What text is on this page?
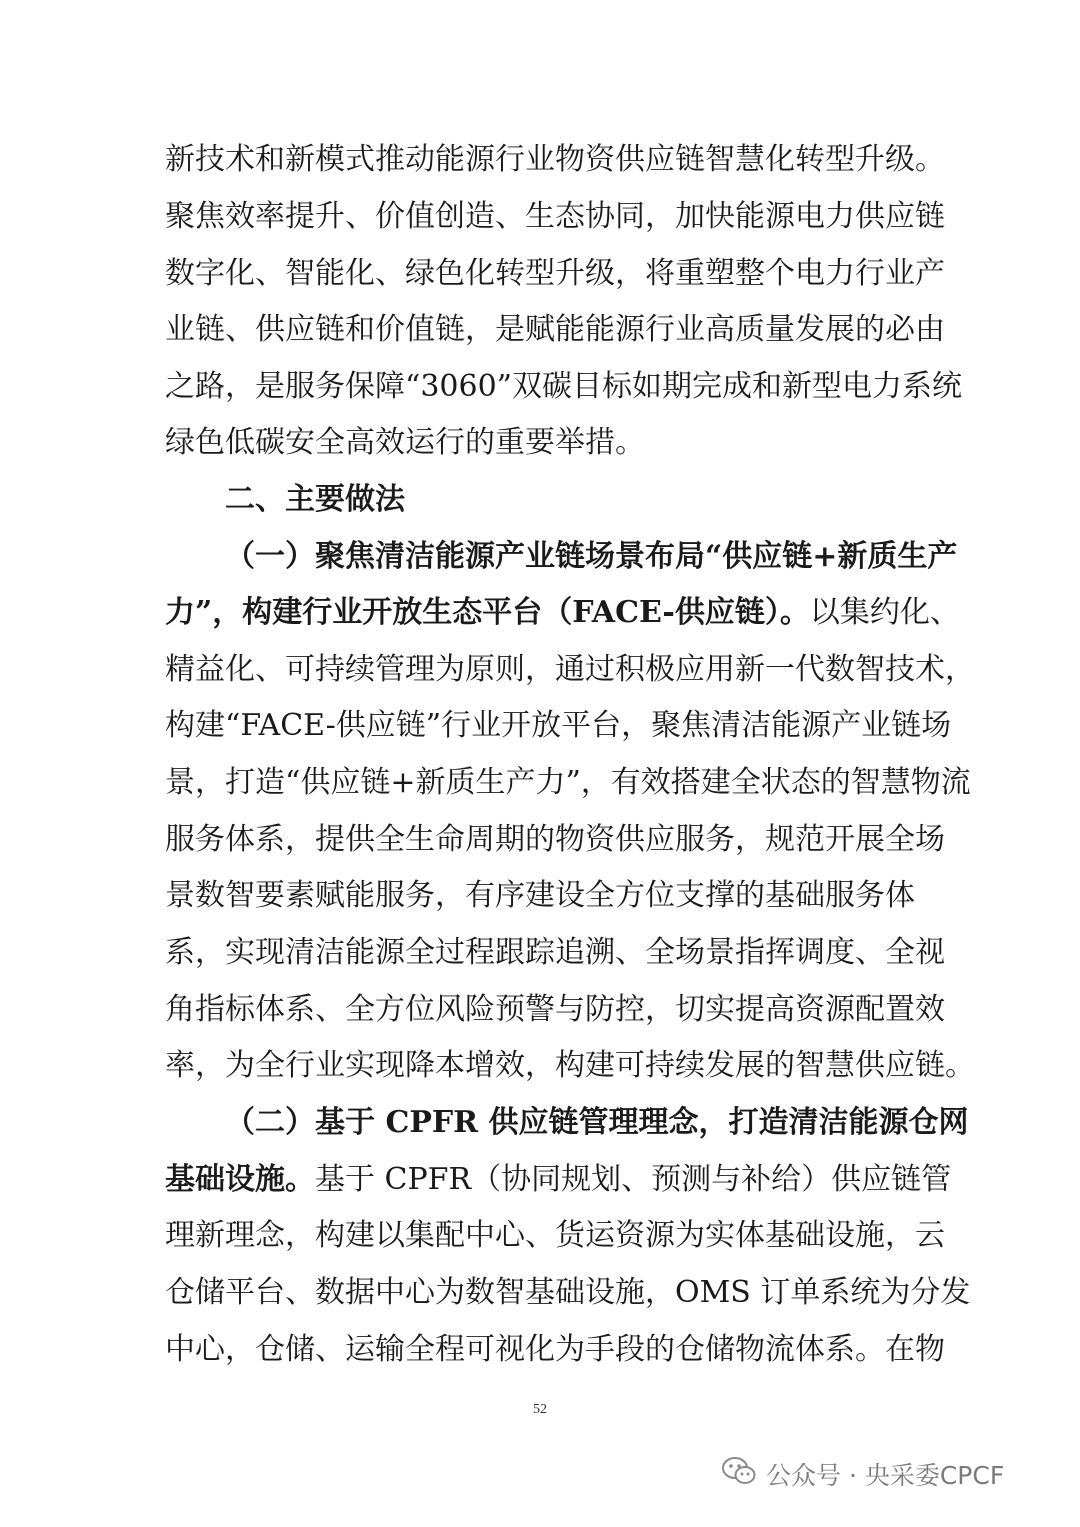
新技术和新模式推动能源行业物资供应链智慧化转型升级。
聚焦效率提升、价值创造、生态协同，加快能源电力供应链
数字化、智能化、绿色化转型升级，将重塑整个电力行业产
业链、供应链和价值链，是赋能能源行业高质量发展的必由
之路，是服务保障“3060”双碳目标如期完成和新型电力系统
绿色低碳安全高效运行的重要举措。
二、主要做法
（一）聚焦清洁能源产业链场景布局“供应链+新质生产
力”，构建行业开放生态平台（FACE-供应链）。以集约化、
精益化、可持续管理为原则，通过积极应用新一代数智技术，
构建“FACE-供应链”行业开放平台，聚焦清洁能源产业链场
景，打造“供应链+新质生产力”，有效搭建全状态的智慧物流
服务体系，提供全生命周期的物资供应服务，规范开展全场
景数智要素赋能服务，有序建设全方位支撑的基础服务体
系，实现清洁能源全过程跟踪追溯、全场景指挥调度、全视
角指标体系、全方位风险预警与防控，切实提高资源配置效
率，为全行业实现降本增效，构建可持续发展的智慧供应链。
（二）基于 CPFR 供应链管理理念，打造清洁能源仓网
基础设施。基于 CPFR（协同规划、预测与补给）供应链管
理新理念，构建以集配中心、货运资源为实体基础设施，云
仓储平台、数据中心为数智基础设施，OMS 订单系统为分发
中心，仓储、运输全程可视化为手段的仓储物流体系。在物
52
公众号 · 央采委CPCF
